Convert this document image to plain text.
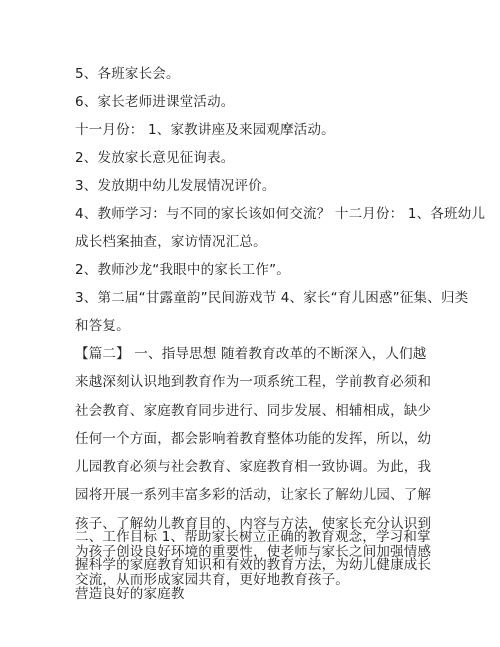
5、各班家长会。
6、家长老师进课堂活动。
十一月份： 1、家教讲座及来园观摩活动。
2、发放家长意见征询表。
3、发放期中幼儿发展情况评价。
4、教师学习：与不同的家长该如何交流？ 十二月份： 1、各班幼儿
成长档案抽查，家访情况汇总。
2、教师沙龙“我眼中的家长工作”。
3、第二届“甘露童韵”民间游戏节 4、家长“育儿困惑”征集、归类
和答复。

【篇二】 一、指导思想 随着教育改革的不断深入，人们越来越深刻认识地到教育作为一项系统工程，学前教育必须和社会教育、家庭教育同步进行、同步发展、相辅相成，缺少任何一个方面，都会影响着教育整体功能的发挥，所以，幼儿园教育必须与社会教育、家庭教育相一致协调。为此，我园将开展一系列丰富多彩的活动，让家长了解幼儿园、了解孩子、了解幼儿教育目的、内容与方法，使家长充分认识到为孩子创设良好环境的重要性，使老师与家长之间加强情感交流，从而形成家园共育，更好地教育孩子。

二、工作目标 1、帮助家长树立正确的教育观念，学习和掌握科学的家庭教育知识和有效的教育方法，为幼儿健康成长营造良好的家庭教
